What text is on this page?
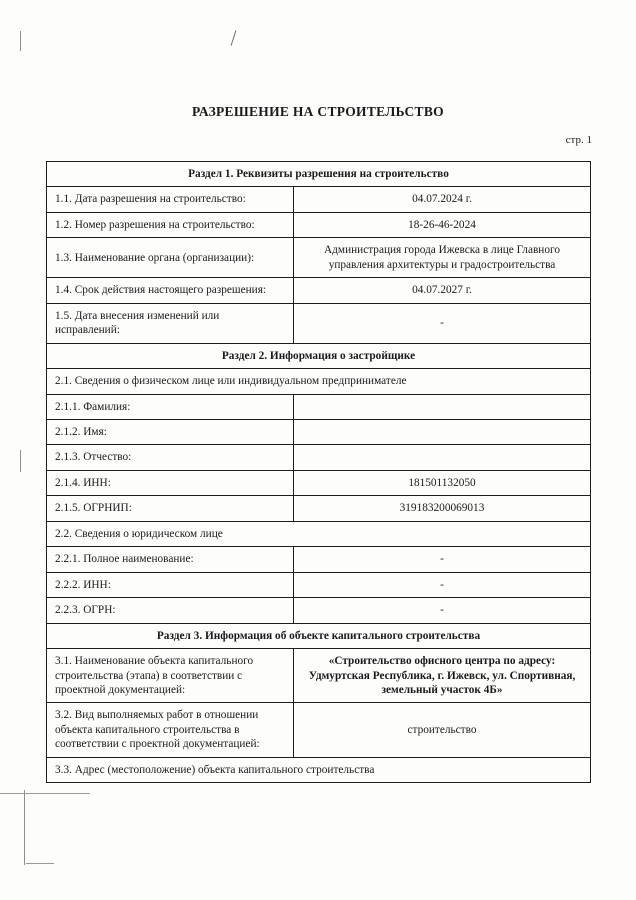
РАЗРЕШЕНИЕ НА СТРОИТЕЛЬСТВО
стр. 1
Раздел 1. Реквизиты разрешения на строительство	
1.1. Дата разрешения на строительство:	04.07.2024 г.
1.2. Номер разрешения на строительство:	18-26-46-2024
1.3. Наименование органа (организации):	Администрация города Ижевска в лице Главного управления архитектуры и градостроительства
1.4. Срок действия настоящего разрешения:	04.07.2027 г.
1.5. Дата внесения изменений или исправлений:	-
Раздел 2. Информация о застройщике	
2.1. Сведения о физическом лице или индивидуальном предпринимателе	
2.1.1. Фамилия:	
2.1.2. Имя:	
2.1.3. Отчество:	
2.1.4. ИНН:	181501132050
2.1.5. ОГРНИП:	319183200069013
2.2. Сведения о юридическом лице	
2.2.1. Полное наименование:	-
2.2.2. ИНН:	-
2.2.3. ОГРН:	-
Раздел 3. Информация об объекте капитального строительства	
3.1. Наименование объекта капитального строительства (этапа) в соответствии с проектной документацией:	«Строительство офисного центра по адресу: Удмуртская Республика, г. Ижевск, ул. Спортивная, земельный участок 4Б»
3.2. Вид выполняемых работ в отношении объекта капитального строительства в соответствии с проектной документацией:	строительство
3.3. Адрес (местоположение) объекта капитального строительства	
